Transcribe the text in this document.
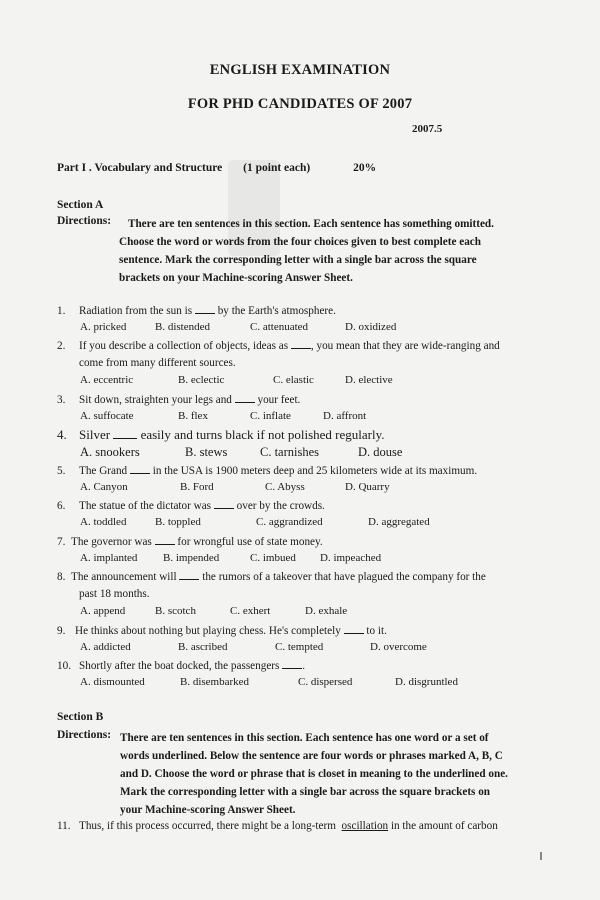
ENGLISH EXAMINATION
FOR PHD CANDIDATES OF 2007
2007.5
Part I . Vocabulary and Structure (1 point each)	20%
Section A
Directions: There are ten sentences in this section. Each sentence has something omitted.
Choose the word or words from the four choices given to best complete each
sentence. Mark the corresponding letter with a single bar across the square
brackets on your Machine-scoring Answer Sheet.
1. Radiation from the sun is by the Earth's atmosphere.
A. pricked	B. distended	C. attenuated	D. oxidized
2. If you describe a collection of objects, ideas as , you mean that they are wide-ranging and
come from many different sources.
A. eccentric	B. eclectic	C. elastic	D. elective
3. Sit down, straighten your legs and your feet.
A. suffocate	B. flex	C. inflate	D. affront
4. Silver easily and turns black if not polished regularly.
A. snookers	B. stews	C. tarnishes	D. douse
5. The Grand in the USA is 1900 meters deep and 25 kilometers wide at its maximum.
A. Canyon	B. Ford	C. Abyss	D. Quarry
6. The statue of the dictator was over by the crowds.
A. toddled	B. toppled	C. aggrandized	D. aggregated
7. The governor was for wrongful use of state money.
A. implanted B. impended	C. imbued D. impeached
8. The announcement will the rumors of a takeover that have plagued the company for the
past 18 months.
A. append	B. scotch	C. exhert	D. exhale
9. He thinks about nothing but playing chess. He's completely to it.
A. addicted	B. ascribed	C. tempted	D. overcome
10. Shortly after the boat docked, the passengers .
A. dismounted	B. disembarked	C. dispersed	D. disgruntled
Section B
Directions: There are ten sentences in this section. Each sentence has one word or a set of
words underlined. Below the sentence are four words or phrases marked A, B, C
and D. Choose the word or phrase that is closet in meaning to the underlined one.
Mark the corresponding letter with a single bar across the square brackets on
your Machine-scoring Answer Sheet.
11. Thus, if this process occurred, there might be a long-term oscillation in the amount of carbon
